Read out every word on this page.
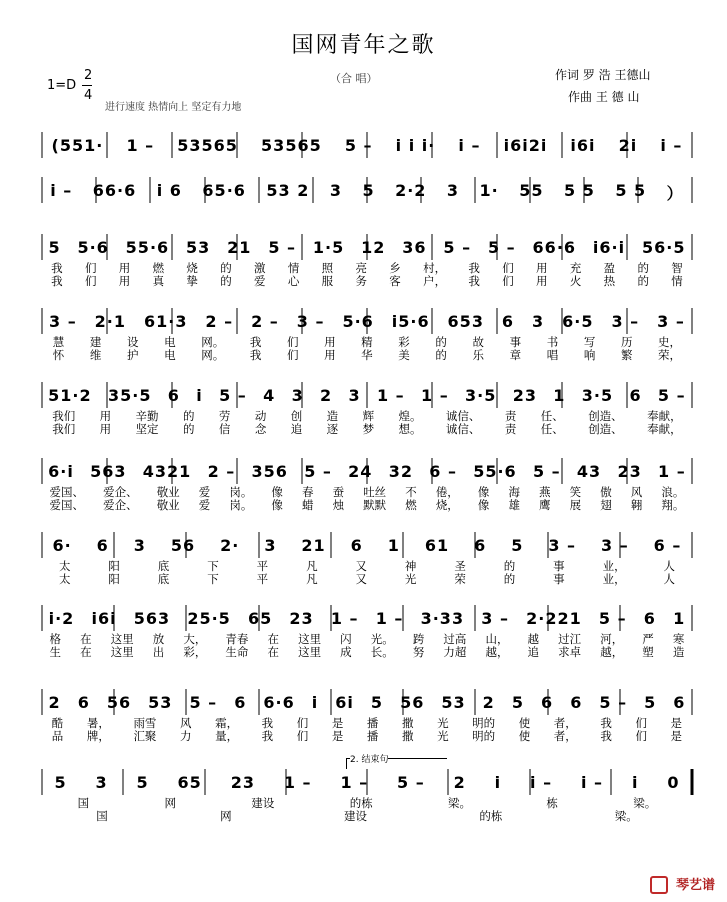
国网青年之歌
（合 唱）	作词 罗 浩 王德山
作曲 王 德 山
1=D
2
4
进行速度 热情向上 坚定有力地
(551· 1 – 53565 53565 5 – i i i· i – i6i2i i6i 2i i –
i – 66·6 i 6 65·6 53 2 3 5 2·2 3 1· 55 5 5 5 5 ）
5 5·6 55·6 53 21 5 – 1·5 12 36 5 – 5 – 66·6 i6·i 56·5
我 们 用 燃 烧 的 激 情 照 亮 乡 村， 我 们 用 充 盈 的 智
我 们 用 真 挚 的 爱 心 服 务 客 户， 我 们 用 火 热 的 情
3 – 2·1 61·3 2 – 2 – 3 – 5·6 i5·6 653 6 3 6·5 3 – 3 –
慧 建 设 电 网。 我 们 用 精 彩 的 故 事 书 写 历 史，
怀 维 护 电 网。 我 们 用 华 美 的 乐 章 唱 响 繁 荣，
51·2 35·5 6 i 5 – 4 3 2 3 1 – 1 – 3·5 23 1 3·5 6 5 –
我们 用 辛勤 的 劳 动 创 造 辉 煌。 诚信、 责 任、 创造、 奉献，
我们 用 坚定 的 信 念 追 逐 梦 想。 诚信、 责 任、 创造、 奉献，
6·i 563 4321 2 – 356 5 – 24 32 6 – 55·6 5 – 43 23 1 –
爱国、 爱企、 敬业 爱 岗。 像 春 蚕 吐丝 不 倦， 像 海 燕 笑 傲 风 浪。
爱国、 爱企、 敬业 爱 岗。 像 蜡 烛 默默 燃 烧， 像 雄 鹰 展 翅 翱 翔。
6· 6 3 56 2· 3 21 6 1 61 6 5 3 – 3 – 6 –
太	阳	底	下	平	凡	又	神	圣	的	事	业，	人
太	阳	底	下	平	凡	又	光	荣	的	事	业，	人
i·2 i6i 563 25·5 65 23 1 – 1 – 3·33 3 – 2·221 5 – 6 1
格 在 这里 放 大， 青春 在 这里 闪 光。 跨 过高 山， 越 过江 河， 严 寒
生 在 这里 出 彩， 生命 在 这里 成 长。 努 力超 越， 追 求卓 越， 塑 造
2 6 56 53 5 – 6 6·6 i 6i 5 56 53 2 5 6 6 5 – 5 6
酷 暑， 雨雪 风 霜， 我 们 是 播 撒 光 明的 使 者， 我 们 是
品 牌， 汇聚 力 量， 我 们 是 播 撒 光 明的 使 者， 我 们 是
5 3 5 65 23 1 – 1 – 5 – 2 i i – i – i 0
国	网	建设	的栋	梁。	栋	梁。
国	网	建设	的栋	梁。
2. 结束句
琴艺谱
